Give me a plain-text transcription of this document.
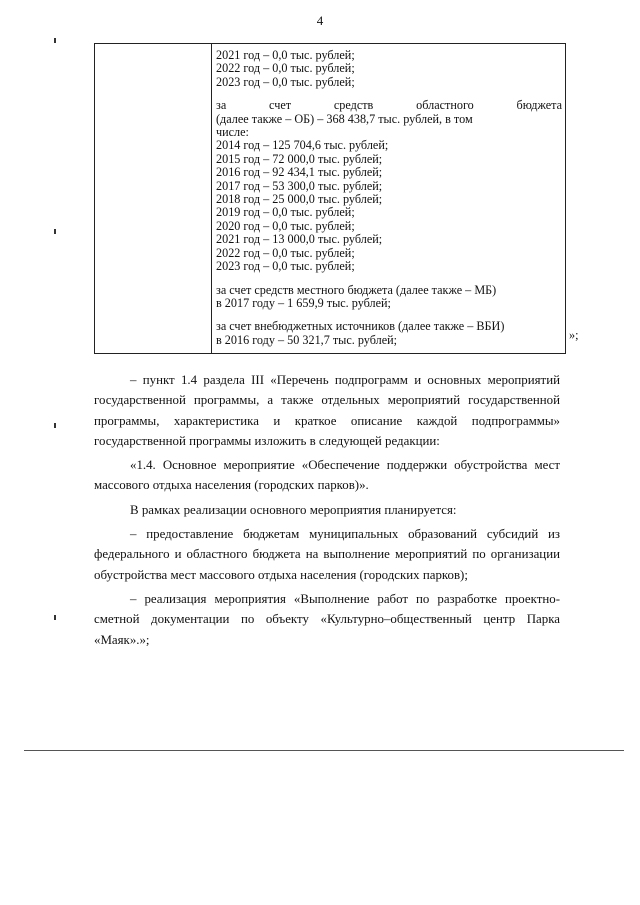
4
2021 год – 0,0 тыс. рублей;
2022 год – 0,0 тыс. рублей;
2023 год – 0,0 тыс. рублей;
за счет средств областного бюджета
(далее также – ОБ) – 368 438,7 тыс. рублей, в том
числе:
2014 год – 125 704,6 тыс. рублей;
2015 год – 72 000,0 тыс. рублей;
2016 год – 92 434,1 тыс. рублей;
2017 год – 53 300,0 тыс. рублей;
2018 год – 25 000,0 тыс. рублей;
2019 год – 0,0 тыс. рублей;
2020 год – 0,0 тыс. рублей;
2021 год – 13 000,0 тыс. рублей;
2022 год – 0,0 тыс. рублей;
2023 год – 0,0 тыс. рублей;
за счет средств местного бюджета (далее также – МБ)
в 2017 году – 1 659,9 тыс. рублей;
за счет внебюджетных источников (далее также – ВБИ)
в 2016 году – 50 321,7 тыс. рублей;	»;

– пункт 1.4 раздела III «Перечень подпрограмм и основных мероприятий государственной программы, а также отдельных мероприятий государственной программы, характеристика и краткое описание каждой подпрограммы» государственной программы изложить в следующей редакции:

«1.4. Основное мероприятие «Обеспечение поддержки обустройства мест массового отдыха населения (городских парков)».

В рамках реализации основного мероприятия планируется:

– предоставление бюджетам муниципальных образований субсидий из федерального и областного бюджета на выполнение мероприятий по организации обустройства мест массового отдыха населения (городских парков);

– реализация мероприятия «Выполнение работ по разработке проектно-сметной документации по объекту «Культурно–общественный центр Парка «Маяк».»;
